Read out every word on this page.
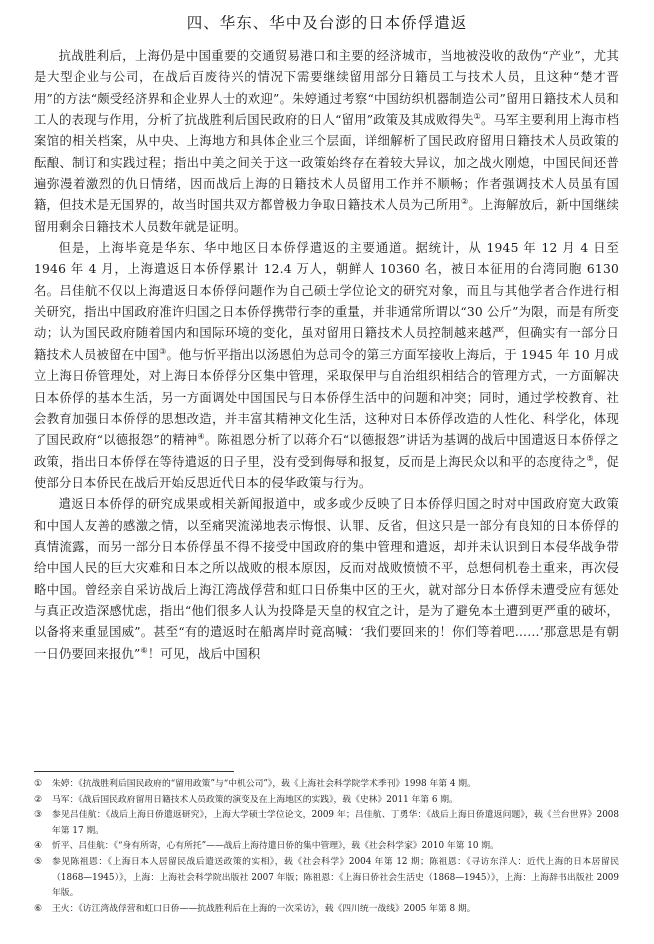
四、华东、华中及台澎的日本侨俘遣返

抗战胜利后，上海仍是中国重要的交通贸易港口和主要的经济城市，当地被没收的敌伪“产业”，尤其是大型企业与公司，在战后百废待兴的情况下需要继续留用部分日籍员工与技术人员，且这种“楚才晋用”的方法“颇受经济界和企业界人士的欢迎”。朱婷通过考察“中国纺织机器制造公司”留用日籍技术人员和工人的表现与作用，分析了抗战胜利后国民政府的日人“留用”政策及其成败得失①。马军主要利用上海市档案馆的相关档案，从中央、上海地方和具体企业三个层面，详细解析了国民政府留用日籍技术人员政策的酝酿、制订和实践过程；指出中美之间关于这一政策始终存在着较大异议，加之战火刚熄，中国民间还普遍弥漫着激烈的仇日情绪，因而战后上海的日籍技术人员留用工作并不顺畅；作者强调技术人员虽有国籍，但技术是无国界的，故当时国共双方都曾极力争取日籍技术人员为己所用②。上海解放后，新中国继续留用剩余日籍技术人员数年就是证明。

但是，上海毕竟是华东、华中地区日本侨俘遣返的主要通道。据统计，从 1945 年 12 月 4 日至 1946 年 4 月，上海遣返日本侨俘累计 12.4 万人，朝鲜人 10360 名，被日本征用的台湾同胞 6130 名。吕佳航不仅以上海遣返日本侨俘问题作为自己硕士学位论文的研究对象，而且与其他学者合作进行相关研究，指出中国政府准许归国之日本侨俘携带行李的重量，并非通常所谓以“30 公斤”为限，而是有所变动；认为国民政府随着国内和国际环境的变化，虽对留用日籍技术人员控制越来越严，但确实有一部分日籍技术人员被留在中国③。他与忻平指出以汤恩伯为总司令的第三方面军接收上海后，于 1945 年 10 月成立上海日侨管理处，对上海日本侨俘分区集中管理，采取保甲与自治组织相结合的管理方式，一方面解决日本侨俘的基本生活，另一方面调处中国国民与日本侨俘生活中的问题和冲突；同时，通过学校教育、社会教育加强日本侨俘的思想改造，并丰富其精神文化生活，这种对日本侨俘改造的人性化、科学化，体现了国民政府“以德报怨”的精神④。陈祖恩分析了以蒋介石“以德报怨”讲话为基调的战后中国遣返日本侨俘之政策，指出日本侨俘在等待遣返的日子里，没有受到侮辱和报复，反而是上海民众以和平的态度待之⑤，促使部分日本侨民在战后开始反思近代日本的侵华政策与行为。

遣返日本侨俘的研究成果或相关新闻报道中，或多或少反映了日本侨俘归国之时对中国政府宽大政策和中国人友善的感激之情，以至痛哭流涕地表示悔恨、认罪、反省，但这只是一部分有良知的日本侨俘的真情流露，而另一部分日本侨俘虽不得不接受中国政府的集中管理和遣返，却并未认识到日本侵华战争带给中国人民的巨大灾难和日本之所以战败的根本原因，反而对战败愤愤不平，总想伺机卷土重来，再次侵略中国。曾经亲自采访战后上海江湾战俘营和虹口日侨集中区的王火，就对部分日本侨俘未遭受应有惩处与真正改造深感忧虑，指出“他们很多人认为投降是天皇的权宜之计，是为了避免本土遭到更严重的破坏，以备将来重显国威”。甚至“有的遣返时在船离岸时竟高喊：‘我们要回来的！你们等着吧……’那意思是有朝一日仍要回来报仇”⑥！可见，战后中国积

①	朱婷：《抗战胜利后国民政府的“留用政策”与“中机公司”》，载《上海社会科学院学术季刊》1998 年第 4 期。
②	马军：《战后国民政府留用日籍技术人员政策的演变及在上海地区的实践》，载《史林》2011 年第 6 期。
③	参见吕佳航：《战后上海日侨遣返研究》，上海大学硕士学位论文，2009 年；吕佳航、丁勇华：《战后上海日侨遣返问题》，载《兰台世界》2008 年第 17 期。
④	忻平、吕佳航：《“身有所寄，心有所托”——战后上海待遣日侨的集中管理》，载《社会科学家》2010 年第 10 期。
⑤	参见陈祖恩：《上海日本人居留民战后遣送政策的实相》，载《社会科学》2004 年第 12 期；陈祖恩：《寻访东洋人：近代上海的日本居留民（1868—1945）》，上海：上海社会科学院出版社 2007 年版；陈祖恩：《上海日侨社会生活史（1868—1945）》，上海：上海辞书出版社 2009 年版。
⑥	王火：《访江湾战俘营和虹口日侨——抗战胜利后在上海的一次采访》，载《四川统一战线》2005 年第 8 期。
